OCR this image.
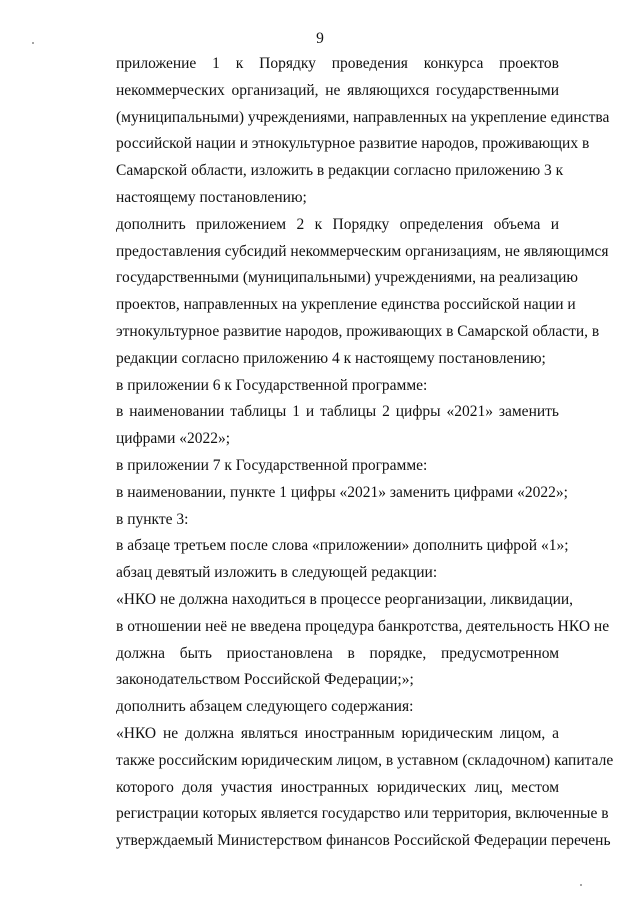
9

приложение 1 к Порядку проведения конкурса проектов
некоммерческих организаций, не являющихся государственными
(муниципальными) учреждениями, направленных на укрепление единства
российской нации и этнокультурное развитие народов, проживающих в
Самарской области, изложить в редакции согласно приложению 3 к
настоящему постановлению;

дополнить приложением 2 к Порядку определения объема и
предоставления субсидий некоммерческим организациям, не являющимся
государственными (муниципальными) учреждениями, на реализацию
проектов, направленных на укрепление единства российской нации и
этнокультурное развитие народов, проживающих в Самарской области, в
редакции согласно приложению 4 к настоящему постановлению;

в приложении 6 к Государственной программе:

в наименовании таблицы 1 и таблицы 2 цифры «2021» заменить
цифрами «2022»;

в приложении 7 к Государственной программе:

в наименовании, пункте 1 цифры «2021» заменить цифрами «2022»;

в пункте 3:

в абзаце третьем после слова «приложении» дополнить цифрой «1»;

абзац девятый изложить в следующей редакции:

«НКО не должна находиться в процессе реорганизации, ликвидации,
в отношении неё не введена процедура банкротства, деятельность НКО не
должна быть приостановлена в порядке, предусмотренном
законодательством Российской Федерации;»;

дополнить абзацем следующего содержания:

«НКО не должна являться иностранным юридическим лицом, а
также российским юридическим лицом, в уставном (складочном) капитале
которого доля участия иностранных юридических лиц, местом
регистрации которых является государство или территория, включенные в
утверждаемый Министерством финансов Российской Федерации перечень
